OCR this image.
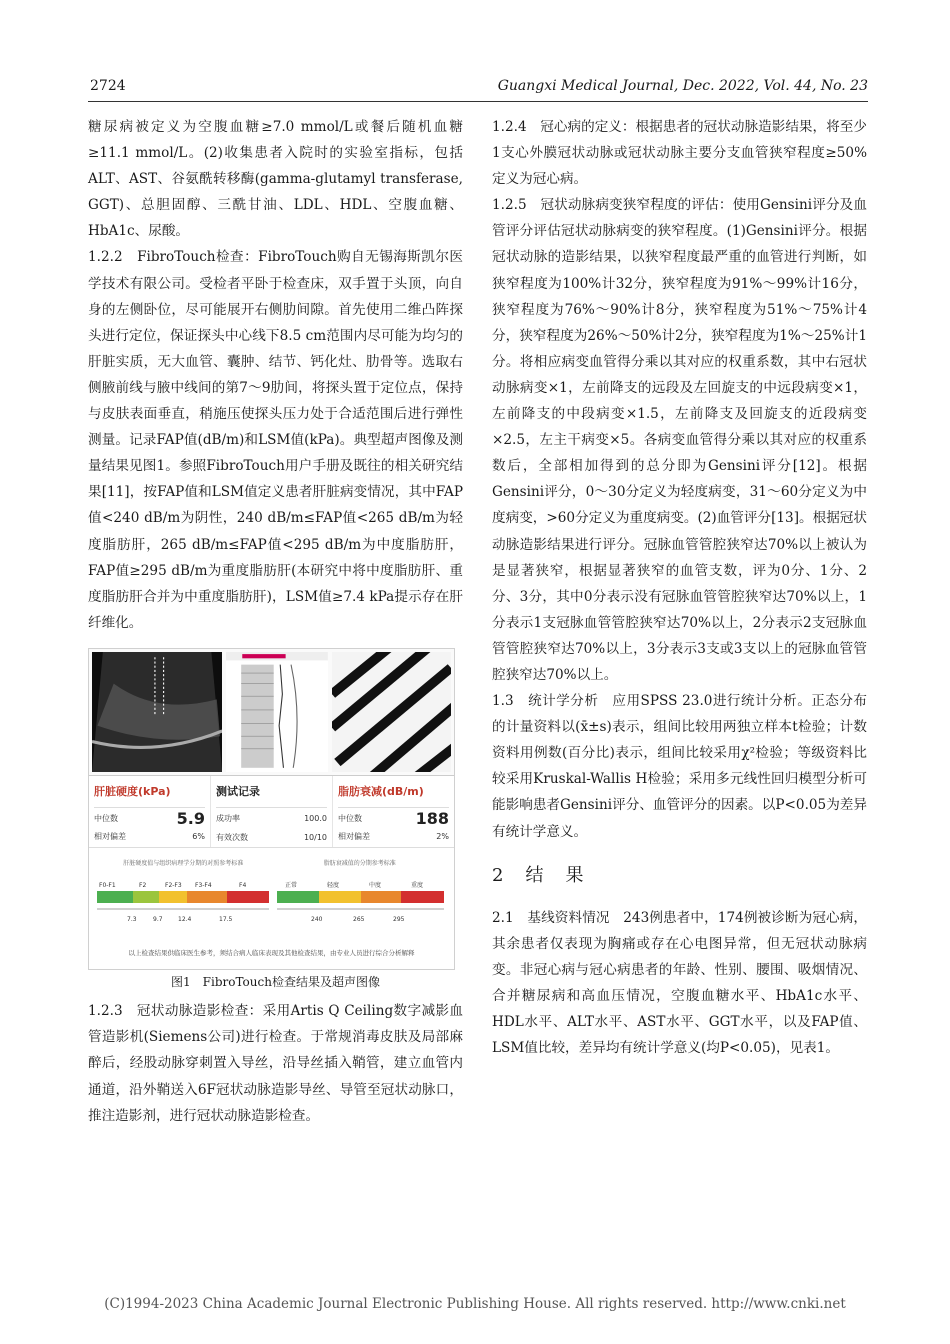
2724	Guangxi Medical Journal, Dec. 2022, Vol. 44, No. 23

糖尿病被定义为空腹血糖≥7.0 mmol/L或餐后随机血糖≥11.1 mmol/L。(2)收集患者入院时的实验室指标，包括ALT、AST、谷氨酰转移酶(gamma-glutamyl transferase, GGT)、总胆固醇、三酰甘油、LDL、HDL、空腹血糖、HbA1c、尿酸。

1.2.2　FibroTouch检查：FibroTouch购自无锡海斯凯尔医学技术有限公司。受检者平卧于检查床，双手置于头顶，向自身的左侧卧位，尽可能展开右侧肋间隙。首先使用二维凸阵探头进行定位，保证探头中心线下8.5 cm范围内尽可能为均匀的肝脏实质，无大血管、囊肿、结节、钙化灶、肋骨等。选取右侧腋前线与腋中线间的第7～9肋间，将探头置于定位点，保持与皮肤表面垂直，稍施压使探头压力处于合适范围后进行弹性测量。记录FAP值(dB/m)和LSM值(kPa)。典型超声图像及测量结果见图1。参照FibroTouch用户手册及既往的相关研究结果[11]，按FAP值和LSM值定义患者肝脏病变情况，其中FAP值<240 dB/m为阴性，240 dB/m≤FAP值<265 dB/m为轻度脂肪肝，265 dB/m≤FAP值<295 dB/m为中度脂肪肝，FAP值≥295 dB/m为重度脂肪肝(本研究中将中度脂肪肝、重度脂肪肝合并为中重度脂肪肝)，LSM值≥7.4 kPa提示存在肝纤维化。

肝脏硬度(kPa)
中位数	5.9
相对偏差	6%
测试记录
成功率	100.0
有效次数	10/10
脂肪衰减(dB/m)
中位数	188
相对偏差	2%
肝脏硬度值与组织病理学分期的对照参考标准	脂肪衰减值的分期参考标准
F0-F1	F2	F2-F3 F3-F4	F4
7.3	9.7	12.4	17.5
正常	轻度	中度	重度
240	265	295
以上检查结果供临床医生参考，须结合病人临床表现及其他检查结果，由专业人员进行综合分析解释
图1　FibroTouch检查结果及超声图像

1.2.3　冠状动脉造影检查：采用Artis Q Ceiling数字减影血管造影机(Siemens公司)进行检查。于常规消毒皮肤及局部麻醉后，经股动脉穿刺置入导丝，沿导丝插入鞘管，建立血管内通道，沿外鞘送入6F冠状动脉造影导丝、导管至冠状动脉口，推注造影剂，进行冠状动脉造影检查。

1.2.4　冠心病的定义：根据患者的冠状动脉造影结果，将至少1支心外膜冠状动脉或冠状动脉主要分支血管狭窄程度≥50%定义为冠心病。

1.2.5　冠状动脉病变狭窄程度的评估：使用Gensini评分及血管评分评估冠状动脉病变的狭窄程度。(1)Gensini评分。根据冠状动脉的造影结果，以狭窄程度最严重的血管进行判断，如狭窄程度为100%计32分，狭窄程度为91%～99%计16分，狭窄程度为76%～90%计8分，狭窄程度为51%～75%计4分，狭窄程度为26%～50%计2分，狭窄程度为1%～25%计1分。将相应病变血管得分乘以其对应的权重系数，其中右冠状动脉病变×1，左前降支的远段及左回旋支的中远段病变×1，左前降支的中段病变×1.5，左前降支及回旋支的近段病变×2.5，左主干病变×5。各病变血管得分乘以其对应的权重系数后，全部相加得到的总分即为Gensini评分[12]。根据Gensini评分，0～30分定义为轻度病变，31～60分定义为中度病变，>60分定义为重度病变。(2)血管评分[13]。根据冠状动脉造影结果进行评分。冠脉血管管腔狭窄达70%以上被认为是显著狭窄，根据显著狭窄的血管支数，评为0分、1分、2分、3分，其中0分表示没有冠脉血管管腔狭窄达70%以上，1分表示1支冠脉血管管腔狭窄达70%以上，2分表示2支冠脉血管管腔狭窄达70%以上，3分表示3支或3支以上的冠脉血管管腔狭窄达70%以上。

1.3　统计学分析　应用SPSS 23.0进行统计分析。正态分布的计量资料以(x̄±s)表示，组间比较用两独立样本t检验；计数资料用例数(百分比)表示，组间比较采用χ²检验；等级资料比较采用Kruskal-Wallis H检验；采用多元线性回归模型分析可能影响患者Gensini评分、血管评分的因素。以P<0.05为差异有统计学意义。

2　结　果

2.1　基线资料情况　243例患者中，174例被诊断为冠心病，其余患者仅表现为胸痛或存在心电图异常，但无冠状动脉病变。非冠心病与冠心病患者的年龄、性别、腰围、吸烟情况、合并糖尿病和高血压情况，空腹血糖水平、HbA1c水平、HDL水平、ALT水平、AST水平、GGT水平，以及FAP值、LSM值比较，差异均有统计学意义(均P<0.05)，见表1。

(C)1994-2023 China Academic Journal Electronic Publishing House. All rights reserved. http://www.cnki.net
